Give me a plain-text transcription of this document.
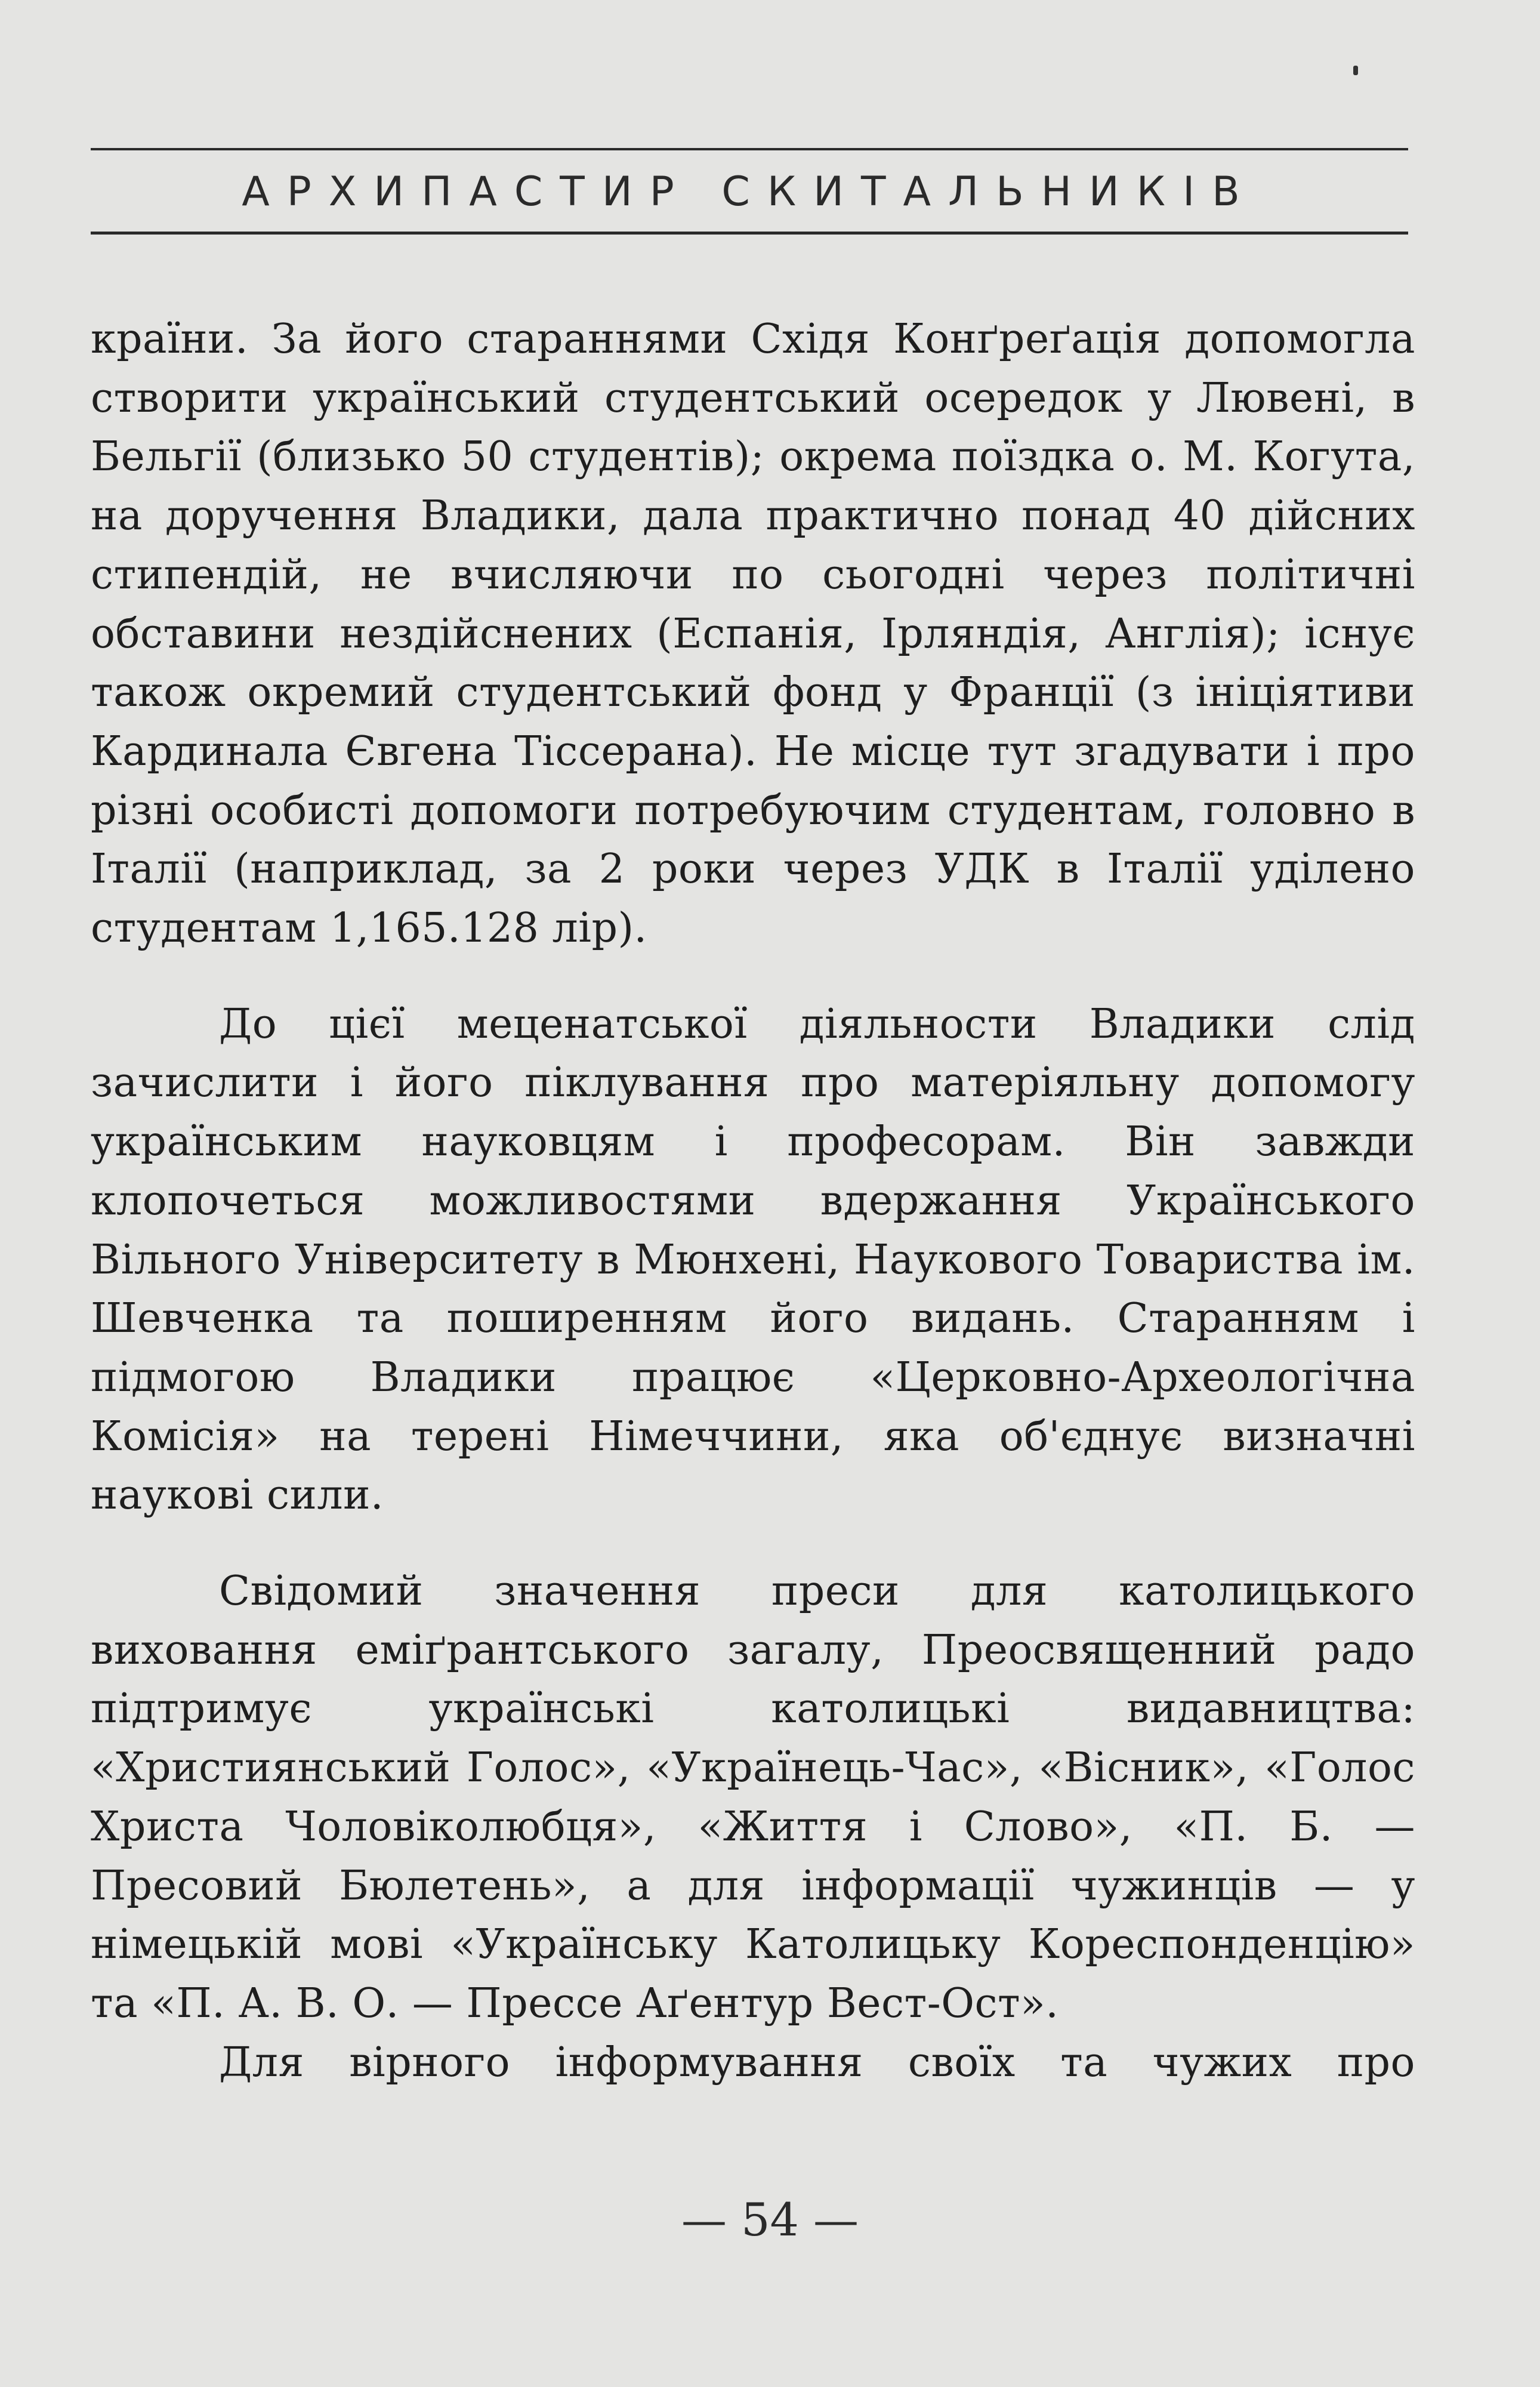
АРХИПАСТИР СКИТАЛЬНИКІВ

країни. За його стараннями Східя Конґреґація допомогла створити український студентський осередок у Лювені, в Бельгії (близько 50 студентів); окрема поїздка о. М. Когута, на доручення Владики, дала практично понад 40 дійсних стипендій, не вчисляючи по сьогодні через політичні обставини нездійснених (Еспанія, Ірляндія, Англія); існує також окремий студентський фонд у Франції (з ініціятиви Кардинала Євгена Тіссерана). Не місце тут згадувати і про різні особисті допомоги потребуючим студентам, головно в Італії (наприклад, за 2 роки через УДК в Італії уділено студентам 1,165.128 лір).

До цієї меценатської діяльности Владики слід зачислити і його піклування про матеріяльну допомогу українським науковцям і професорам. Він завжди клопочеться можливостями вдержання Українського Вільного Університету в Мюнхені, Наукового Товариства ім. Шевченка та поширенням його видань. Старанням і підмогою Владики працює «Церковно-Археологічна Комісія» на терені Німеччини, яка об'єднує визначні наукові сили.

Свідомий значення преси для католицького виховання еміґрантського загалу, Преосвященний радо підтримує українські католицькі видавництва: «Християнський Голос», «Українець-Час», «Вісник», «Голос Христа Чоловіколюбця», «Життя і Слово», «П. Б. — Пресовий Бюлетень», а для інформації чужинців — у німецькій мові «Українську Католицьку Кореспонденцію» та «П. А. В. О. — Прессе Аґентур Вест-Ост».

Для вірного інформування своїх та чужих про

— 54 —
